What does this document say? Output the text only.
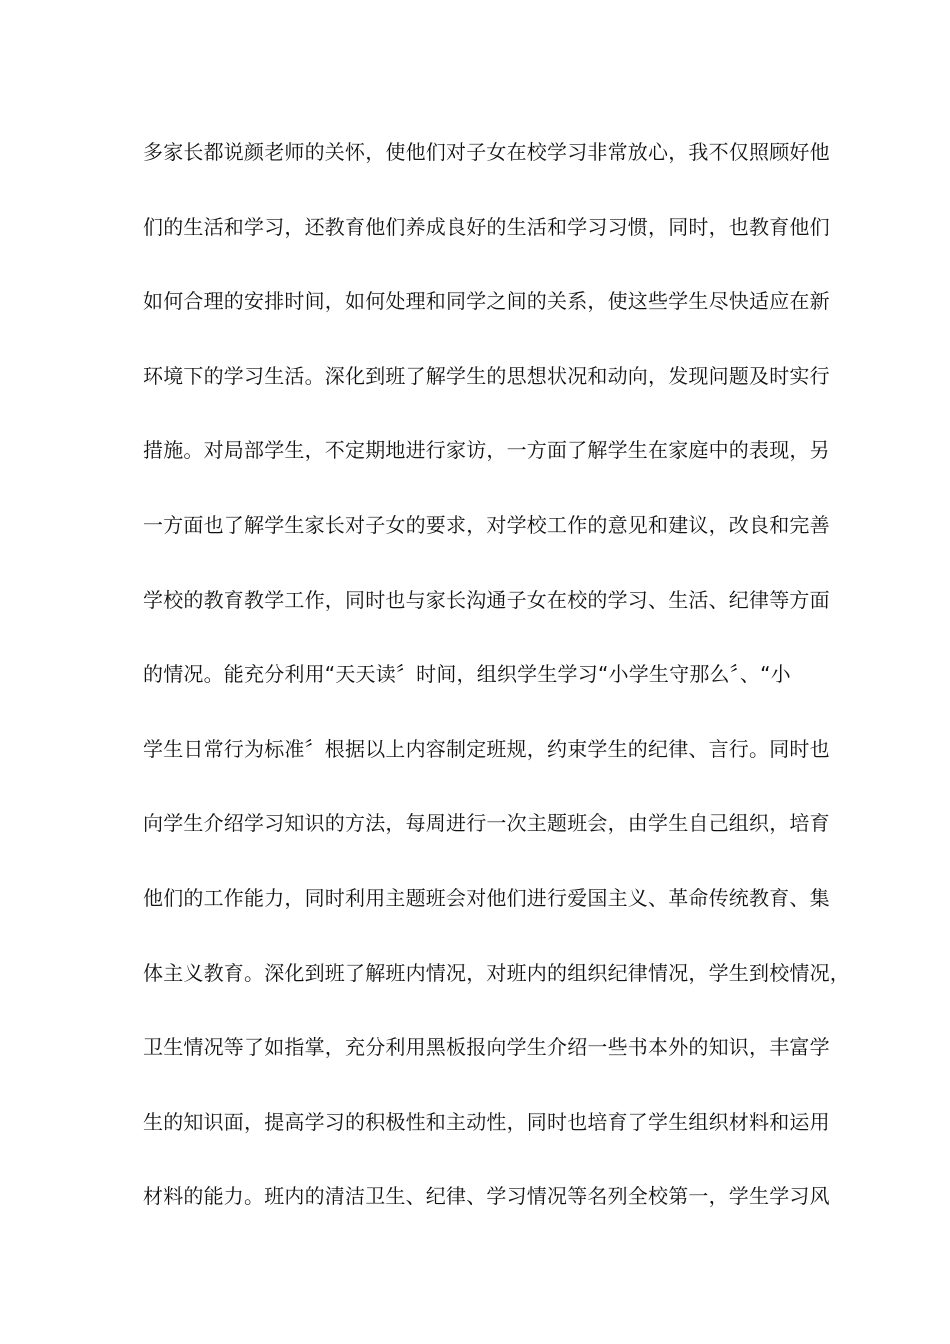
多家长都说颜老师的关怀，使他们对子女在校学习非常放心，我不仅照顾好他
们的生活和学习，还教育他们养成良好的生活和学习习惯，同时，也教育他们
如何合理的安排时间，如何处理和同学之间的关系，使这些学生尽快适应在新
环境下的学习生活。深化到班了解学生的思想状况和动向，发现问题及时实行
措施。对局部学生，不定期地进行家访，一方面了解学生在家庭中的表现，另
一方面也了解学生家长对子女的要求，对学校工作的意见和建议，改良和完善
学校的教育教学工作，同时也与家长沟通子女在校的学习、生活、纪律等方面
的情况。能充分利用“天天读〞时间，组织学生学习“小学生守那么〞、“小
学生日常行为标准〞根据以上内容制定班规，约束学生的纪律、言行。同时也
向学生介绍学习知识的方法，每周进行一次主题班会，由学生自己组织，培育
他们的工作能力，同时利用主题班会对他们进行爱国主义、革命传统教育、集
体主义教育。深化到班了解班内情况，对班内的组织纪律情况，学生到校情况，
卫生情况等了如指掌，充分利用黑板报向学生介绍一些书本外的知识，丰富学
生的知识面，提高学习的积极性和主动性，同时也培育了学生组织材料和运用
材料的能力。班内的清洁卫生、纪律、学习情况等名列全校第一，学生学习风
